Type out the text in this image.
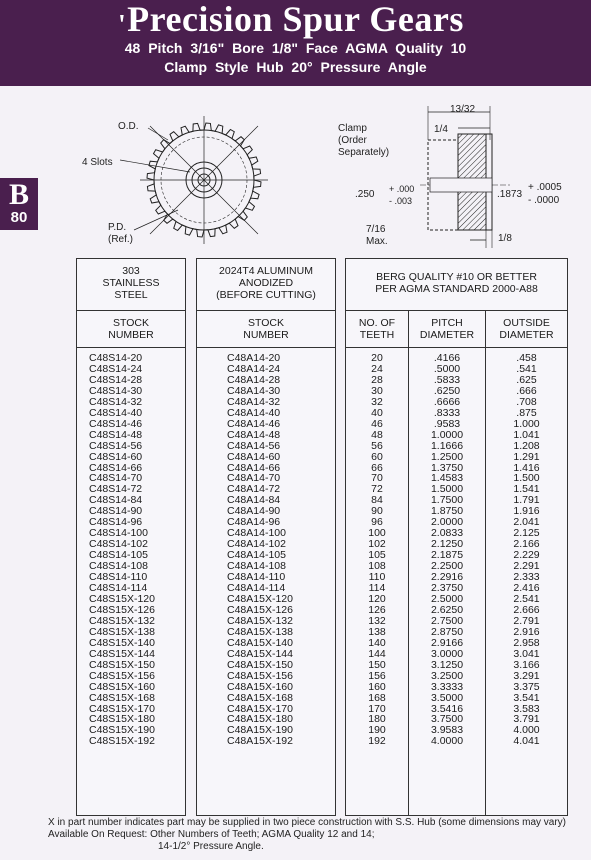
' Precision Spur Gears
48 Pitch 3/16" Bore 1/8" Face AGMA Quality 10
Clamp Style Hub 20° Pressure Angle
B
80
O.D.
4 Slots
P.D.
(Ref.)
Clamp
(Order
Separately)
13/32
1/4
.250 + .000
- .003
.1873
+ .0005
- .0000
7/16
Max.	1/8
303
STAINLESS
STEEL
STOCK
NUMBER
C48S14-20
C48S14-24
C48S14-28
C48S14-30
C48S14-32
C48S14-40
C48S14-46
C48S14-48
C48S14-56
C48S14-60
C48S14-66
C48S14-70
C48S14-72
C48S14-84
C48S14-90
C48S14-96
C48S14-100
C48S14-102
C48S14-105
C48S14-108
C48S14-110
C48S14-114
C48S15X-120
C48S15X-126
C48S15X-132
C48S15X-138
C48S15X-140
C48S15X-144
C48S15X-150
C48S15X-156
C48S15X-160
C48S15X-168
C48S15X-170
C48S15X-180
C48S15X-190
C48S15X-192
2024T4 ALUMINUM
ANODIZED
(BEFORE CUTTING)
STOCK
NUMBER
C48A14-20
C48A14-24
C48A14-28
C48A14-30
C48A14-32
C48A14-40
C48A14-46
C48A14-48
C48A14-56
C48A14-60
C48A14-66
C48A14-70
C48A14-72
C48A14-84
C48A14-90
C48A14-96
C48A14-100
C48A14-102
C48A14-105
C48A14-108
C48A14-110
C48A14-114
C48A15X-120
C48A15X-126
C48A15X-132
C48A15X-138
C48A15X-140
C48A15X-144
C48A15X-150
C48A15X-156
C48A15X-160
C48A15X-168
C48A15X-170
C48A15X-180
C48A15X-190
C48A15X-192
BERG QUALITY #10 OR BETTER
PER AGMA STANDARD 2000-A88
NO. OF
TEETH
PITCH
DIAMETER
OUTSIDE
DIAMETER
20
24
28
30
32
40
46
48
56
60
66
70
72
84
90
96
100
102
105
108
110
114
120
126
132
138
140
144
150
156
160
168
170
180
190
192
.4166
.5000
.5833
.6250
.6666
.8333
.9583
1.0000
1.1666
1.2500
1.3750
1.4583
1.5000
1.7500
1.8750
2.0000
2.0833
2.1250
2.1875
2.2500
2.2916
2.3750
2.5000
2.6250
2.7500
2.8750
2.9166
3.0000
3.1250
3.2500
3.3333
3.5000
3.5416
3.7500
3.9583
4.0000
.458
.541
.625
.666
.708
.875
1.000
1.041
1.208
1.291
1.416
1.500
1.541
1.791
1.916
2.041
2.125
2.166
2.229
2.291
2.333
2.416
2.541
2.666
2.791
2.916
2.958
3.041
3.166
3.291
3.375
3.541
3.583
3.791
4.000
4.041
X in part number indicates part may be supplied in two piece construction with S.S. Hub (some dimensions may vary)
Available On Request: Other Numbers of Teeth; AGMA Quality 12 and 14;
14-1/2° Pressure Angle.
